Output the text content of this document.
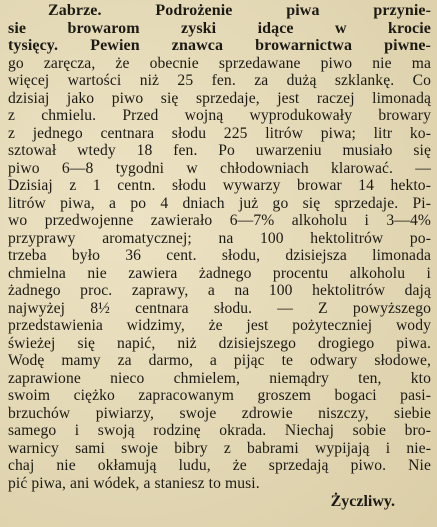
Zabrze. Podrożenie piwa przynie-
sie browarom zyski idące w krocie
tysięcy. Pewien znawca browarnictwa piwne-
go zaręcza, że obecnie sprzedawane piwo nie ma
więcej wartości niż 25 fen. za dużą szklankę. Co
dzisiaj jako piwo się sprzedaje, jest raczej limonadą
z chmielu. Przed wojną wyprodukowały browary
z jednego centnara słodu 225 litrów piwa; litr ko-
sztował wtedy 18 fen. Po uwarzeniu musiało się
piwo 6—8 tygodni w chłodowniach klarować. —
Dzisiaj z 1 centn. słodu wywarzy browar 14 hekto-
litrów piwa, a po 4 dniach już go się sprzedaje. Pi-
wo przedwojenne zawierało 6—7% alkoholu i 3—4%
przyprawy aromatycznej; na 100 hektolitrów po-
trzeba było 36 cent. słodu, dzisiejsza limonada
chmielna nie zawiera żadnego procentu alkoholu i
żadnego proc. zaprawy, a na 100 hektolitrów dają
najwyżej 8½ centnara słodu. — Z powyższego
przedstawienia widzimy, że jest pożyteczniej wody
świeżej się napić, niż dzisiejszego drogiego piwa.
Wodę mamy za darmo, a pijąc te odwary słodowe,
zaprawione nieco chmielem, niemądry ten, kto
swoim ciężko zapracowanym groszem bogaci pasi-
brzuchów piwiarzy, swoje zdrowie niszczy, siebie
samego i swoją rodzinę okrada. Niechaj sobie bro-
warnicy sami swoje bibry z babrami wypijają i nie-
chaj nie okłamują ludu, że sprzedają piwo. Nie
pić piwa, ani wódek, a staniesz to musi.
Życzliwy.
